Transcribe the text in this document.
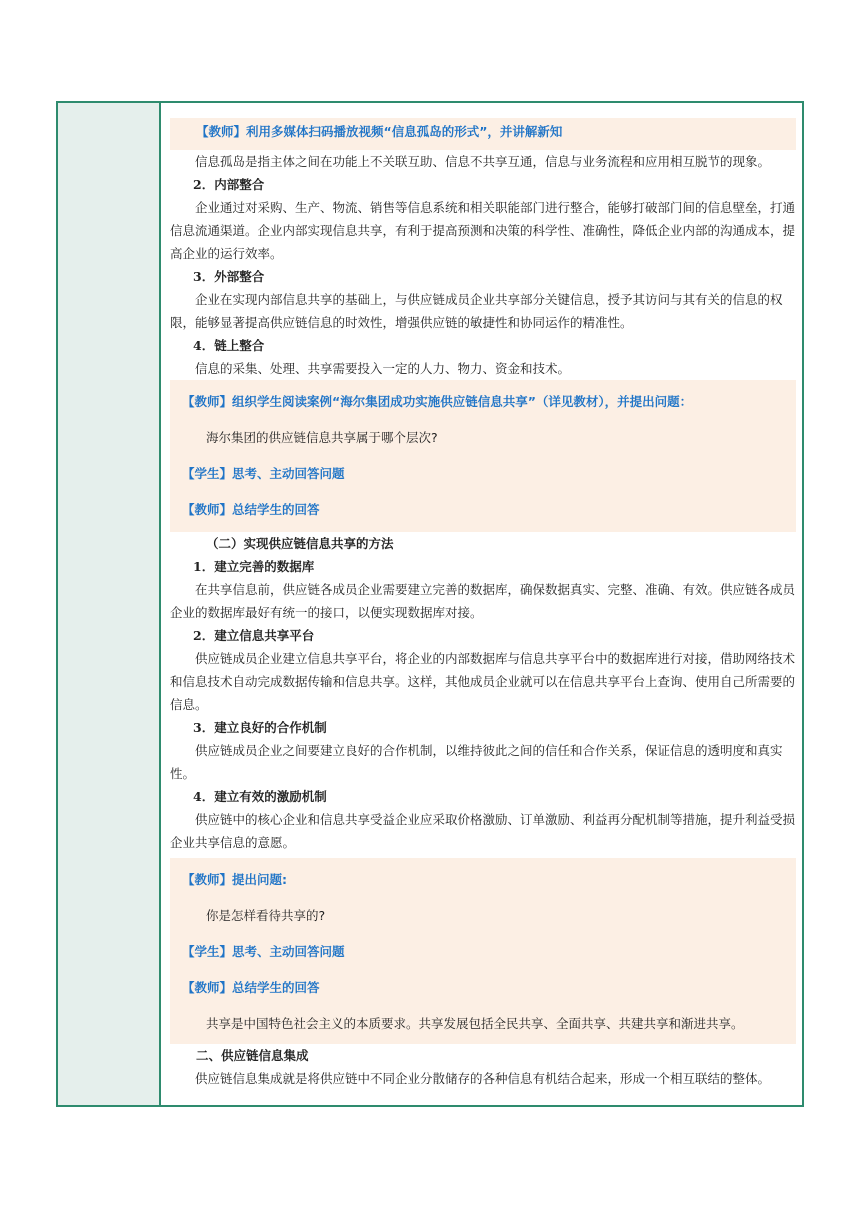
【教师】利用多媒体扫码播放视频“信息孤岛的形式”，并讲解新知
信息孤岛是指主体之间在功能上不关联互助、信息不共享互通，信息与业务流程和应用相互脱节的现象。
2．内部整合
企业通过对采购、生产、物流、销售等信息系统和相关职能部门进行整合，能够打破部门间的信息壁垒，打通信息流通渠道。企业内部实现信息共享，有利于提高预测和决策的科学性、准确性，降低企业内部的沟通成本，提高企业的运行效率。
3．外部整合
企业在实现内部信息共享的基础上，与供应链成员企业共享部分关键信息，授予其访问与其有关的信息的权限，能够显著提高供应链信息的时效性，增强供应链的敏捷性和协同运作的精准性。
4．链上整合
信息的采集、处理、共享需要投入一定的人力、物力、资金和技术。
【教师】组织学生阅读案例“海尔集团成功实施供应链信息共享”（详见教材），并提出问题：
海尔集团的供应链信息共享属于哪个层次?
【学生】思考、主动回答问题
【教师】总结学生的回答
（二）实现供应链信息共享的方法
1．建立完善的数据库
在共享信息前，供应链各成员企业需要建立完善的数据库，确保数据真实、完整、准确、有效。供应链各成员企业的数据库最好有统一的接口，以便实现数据库对接。
2．建立信息共享平台
供应链成员企业建立信息共享平台，将企业的内部数据库与信息共享平台中的数据库进行对接，借助网络技术和信息技术自动完成数据传输和信息共享。这样，其他成员企业就可以在信息共享平台上查询、使用自己所需要的信息。
3．建立良好的合作机制
供应链成员企业之间要建立良好的合作机制，以维持彼此之间的信任和合作关系，保证信息的透明度和真实性。
4．建立有效的激励机制
供应链中的核心企业和信息共享受益企业应采取价格激励、订单激励、利益再分配机制等措施，提升利益受损企业共享信息的意愿。
【教师】提出问题:
你是怎样看待共享的?
【学生】思考、主动回答问题
【教师】总结学生的回答
共享是中国特色社会主义的本质要求。共享发展包括全民共享、全面共享、共建共享和渐进共享。
二、供应链信息集成
供应链信息集成就是将供应链中不同企业分散储存的各种信息有机结合起来，形成一个相互联结的整体。
